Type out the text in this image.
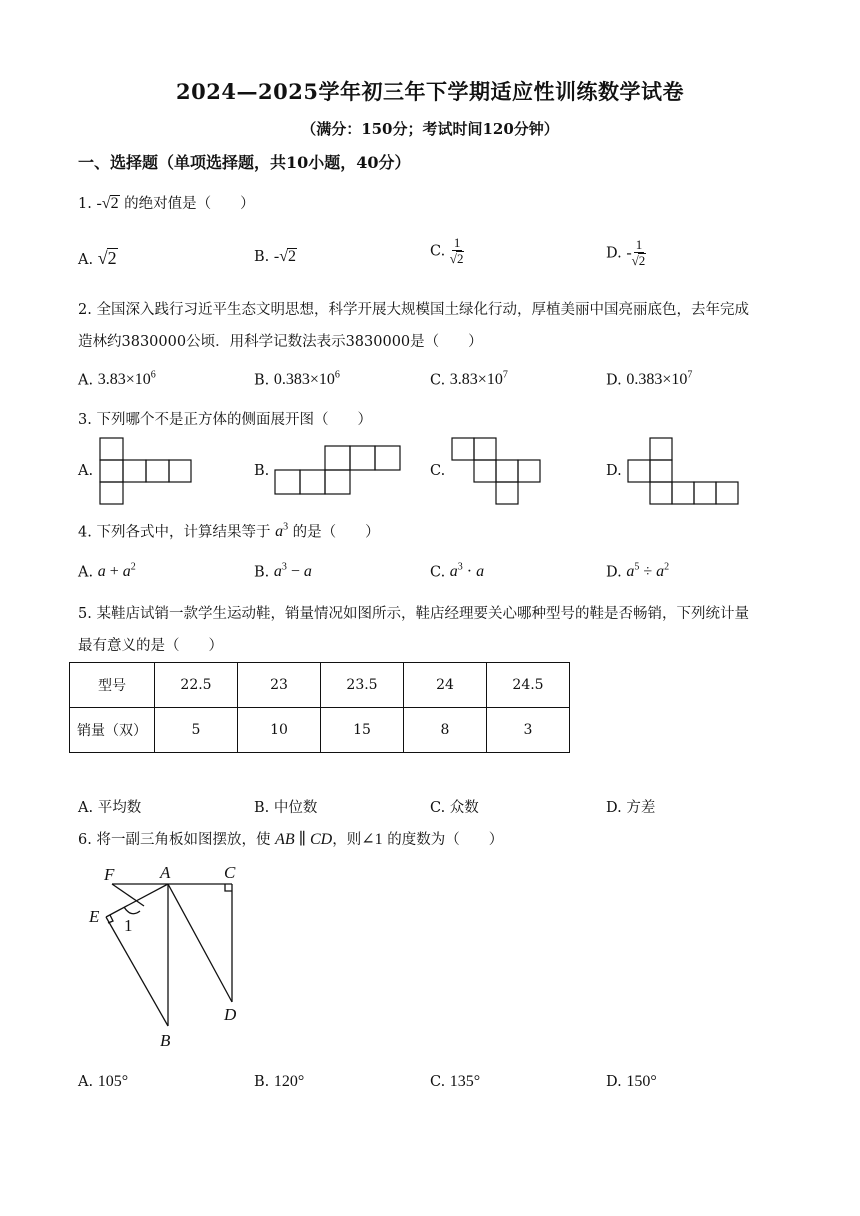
2024—2025学年初三年下学期适应性训练数学试卷
（满分：150分；考试时间120分钟）
一、选择题（单项选择题，共10小题，40分）
1. -√2 的绝对值是（　　）
A. √2	B. -√2	C. $\frac{1}{√2}$	D. - $\frac{1}{√2}$
2. 全国深入践行习近平生态文明思想，科学开展大规模国土绿化行动，厚植美丽中国亮丽底色，去年完成
造林约3830000公顷．用科学记数法表示3830000是（　　）
A. $3.83\times 10^6$	B. $0.383\times 10^6$	C. $3.83\times 10^7$	D. $0.383\times 10^7$
3. 下列哪个不是正方体的侧面展开图（　　）
A.	B.	C.	D.
4. 下列各式中，计算结果等于 $a^3$ 的是（　　）
A. $a + a^2$	B. $a^3 - a$	C. $a^3 \cdot a$	D. $a^5 \div a^2$
5. 某鞋店试销一款学生运动鞋，销量情况如图所示，鞋店经理要关心哪种型号的鞋是否畅销，下列统计量
最有意义的是（　　）
型号	22.5	23	23.5	24	24.5
销量（双）	5	10	15	8	3
A. 平均数	B. 中位数	C. 众数	D. 方差
6. 将一副三角板如图摆放，使 AB ∥ CD，则∠1 的度数为（　　）
F	A	C
E 1
B
D
A. 105°	B. 120°	C. 135°	D. 150°
